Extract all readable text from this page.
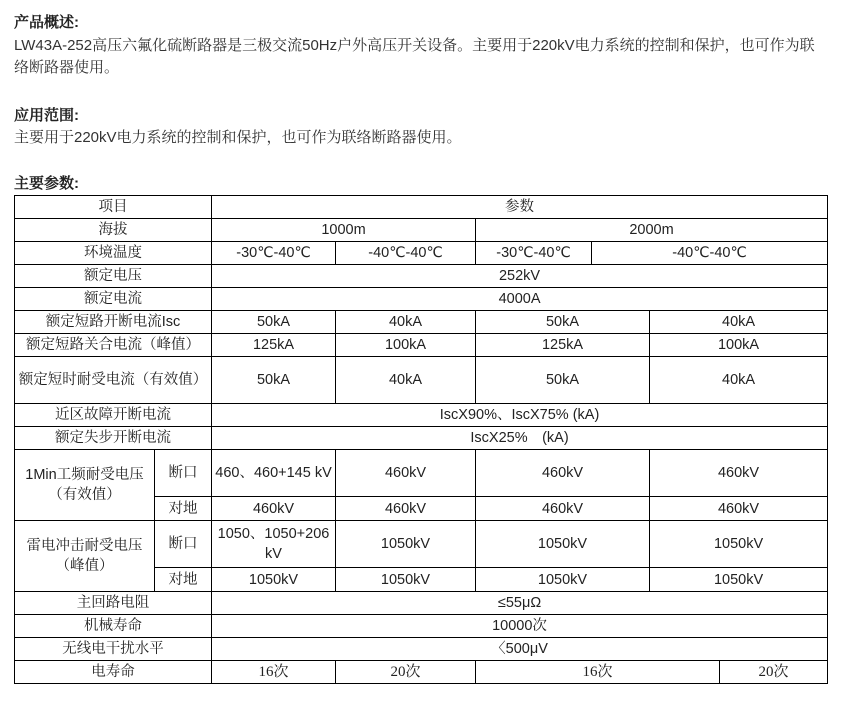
产品概述:
LW43A-252高压六氟化硫断路器是三极交流50Hz户外高压开关设备。主要用于220kV电力系统的控制和保护，也可作为联络断路器使用。
应用范围:
主要用于220kV电力系统的控制和保护，也可作为联络断路器使用。
主要参数:
项目		参数					
海拔		1000m		2000m			
环境温度		-30℃-40℃	-40℃-40℃	-30℃-40℃	-40℃-40℃		
额定电压		252kV					
额定电流		4000A					
额定短路开断电流Isc		50kA	40kA	50kA		40kA	
额定短路关合电流（峰值）		125kA	100kA	125kA		100kA	
额定短时耐受电流（有效值）		50kA	40kA	50kA		40kA	
近区故障开断电流		IscX90%、IscX75% (kA)					
额定失步开断电流		IscX25%　(kA)					
1Min工频耐受电压（有效值）	断口	460、460+145 kV	460kV	460kV		460kV	
	对地	460kV	460kV	460kV		460kV	
雷电冲击耐受电压（峰值）	断口	1050、1050+206 kV	1050kV	1050kV		1050kV	
	对地	1050kV	1050kV	1050kV		1050kV	
主回路电阻		≤55μΩ					
机械寿命		10000次					
无线电干扰水平		〈500μV					
电寿命		16次	20次	16次			20次
